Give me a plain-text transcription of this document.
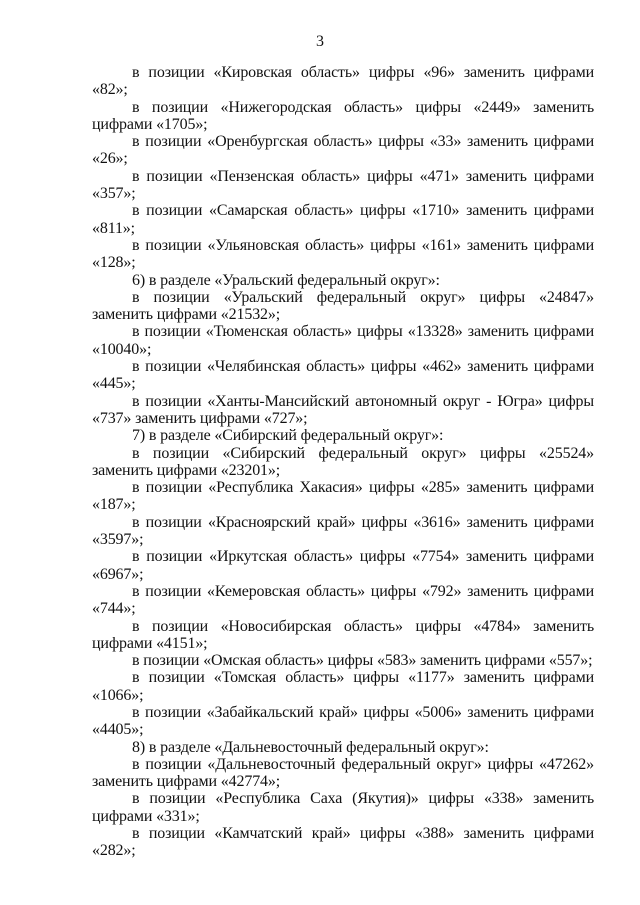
3

в позиции «Кировская область» цифры «96» заменить цифрами «82»;

в позиции «Нижегородская область» цифры «2449» заменить цифрами «1705»;

в позиции «Оренбургская область» цифры «33» заменить цифрами «26»;

в позиции «Пензенская область» цифры «471» заменить цифрами «357»;

в позиции «Самарская область» цифры «1710» заменить цифрами «811»;

в позиции «Ульяновская область» цифры «161» заменить цифрами «128»;

6) в разделе «Уральский федеральный округ»:

в позиции «Уральский федеральный округ» цифры «24847» заменить цифрами «21532»;

в позиции «Тюменская область» цифры «13328» заменить цифрами «10040»;

в позиции «Челябинская область» цифры «462» заменить цифрами «445»;

в позиции «Ханты-Мансийский автономный округ - Югра» цифры «737» заменить цифрами «727»;

7) в разделе «Сибирский федеральный округ»:

в позиции «Сибирский федеральный округ» цифры «25524» заменить цифрами «23201»;

в позиции «Республика Хакасия» цифры «285» заменить цифрами «187»;

в позиции «Красноярский край» цифры «3616» заменить цифрами «3597»;

в позиции «Иркутская область» цифры «7754» заменить цифрами «6967»;

в позиции «Кемеровская область» цифры «792» заменить цифрами «744»;

в позиции «Новосибирская область» цифры «4784» заменить цифрами «4151»;

в позиции «Омская область» цифры «583» заменить цифрами «557»;

в позиции «Томская область» цифры «1177» заменить цифрами «1066»;

в позиции «Забайкальский край» цифры «5006» заменить цифрами «4405»;

8) в разделе «Дальневосточный федеральный округ»:

в позиции «Дальневосточный федеральный округ» цифры «47262» заменить цифрами «42774»;

в позиции «Республика Саха (Якутия)» цифры «338» заменить цифрами «331»;

в позиции «Камчатский край» цифры «388» заменить цифрами «282»;
